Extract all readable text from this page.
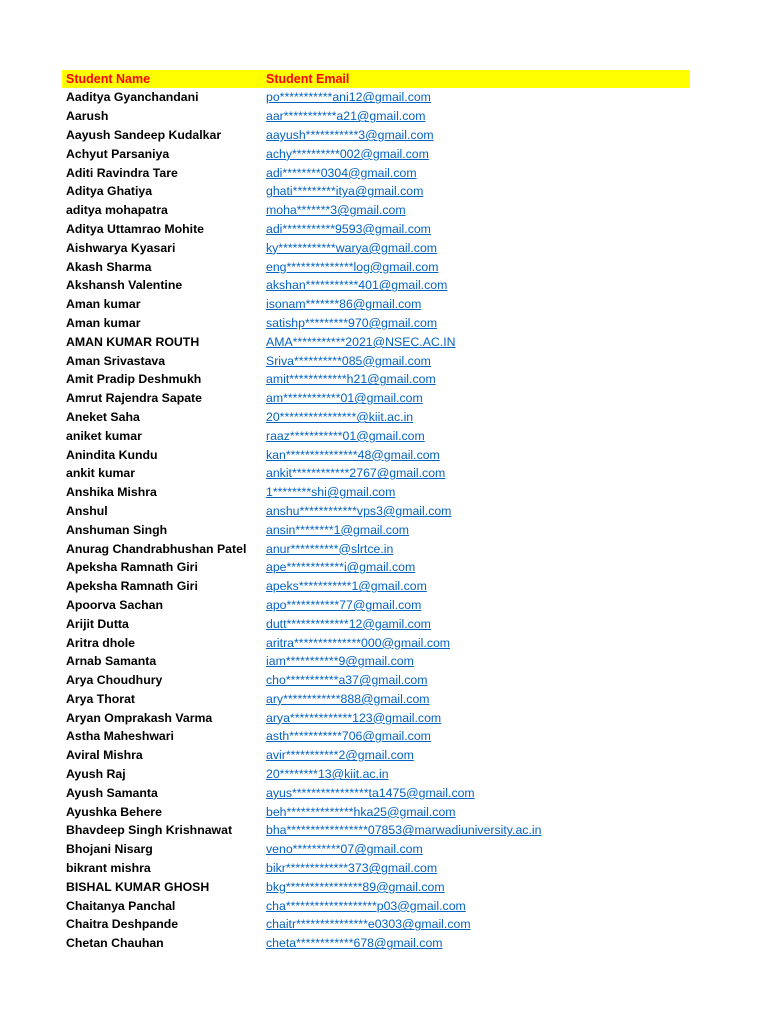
Student Name	Student Email
Aaditya Gyanchandani	po***********ani12@gmail.com
Aarush	aar***********a21@gmail.com
Aayush Sandeep Kudalkar	aayush***********3@gmail.com
Achyut Parsaniya	achy**********002@gmail.com
Aditi Ravindra Tare	adi********0304@gmail.com
Aditya Ghatiya	ghati*********itya@gmail.com
aditya mohapatra	moha*******3@gmail.com
Aditya Uttamrao Mohite	adi***********9593@gmail.com
Aishwarya Kyasari	ky************warya@gmail.com
Akash Sharma	eng**************log@gmail.com
Akshansh Valentine	akshan***********401@gmail.com
Aman kumar	isonam*******86@gmail.com
Aman kumar	satishp*********970@gmail.com
AMAN KUMAR ROUTH	AMA***********2021@NSEC.AC.IN
Aman Srivastava	Sriva**********085@gmail.com
Amit Pradip Deshmukh	amit************h21@gmail.com
Amrut Rajendra Sapate	am************01@gmail.com
Aneket Saha	20****************@kiit.ac.in
aniket kumar	raaz***********01@gmail.com
Anindita Kundu	kan***************48@gmail.com
ankit kumar	ankit************2767@gmail.com
Anshika Mishra	1********shi@gmail.com
Anshul	anshu************vps3@gmail.com
Anshuman Singh	ansin********1@gmail.com
Anurag Chandrabhushan Patel	anur**********@slrtce.in
Apeksha Ramnath Giri	ape************i@gmail.com
Apeksha Ramnath Giri	apeks***********1@gmail.com
Apoorva Sachan	apo***********77@gmail.com
Arijit Dutta	dutt*************12@gamil.com
Aritra dhole	aritra**************000@gmail.com
Arnab Samanta	iam***********9@gmail.com
Arya Choudhury	cho***********a37@gmail.com
Arya Thorat	ary************888@gmail.com
Aryan Omprakash Varma	arya*************123@gmail.com
Astha Maheshwari	asth***********706@gmail.com
Aviral Mishra	avir***********2@gmail.com
Ayush Raj	20********13@kiit.ac.in
Ayush Samanta	ayus****************ta1475@gmail.com
Ayushka Behere	beh**************hka25@gmail.com
Bhavdeep Singh Krishnawat	bha*****************07853@marwadiuniversity.ac.in
Bhojani Nisarg	veno**********07@gmail.com
bikrant mishra	bikr*************373@gmail.com
BISHAL KUMAR GHOSH	bkg****************89@gmail.com
Chaitanya Panchal	cha*******************p03@gmail.com
Chaitra Deshpande	chaitr***************e0303@gmail.com
Chetan Chauhan	cheta************678@gmail.com
